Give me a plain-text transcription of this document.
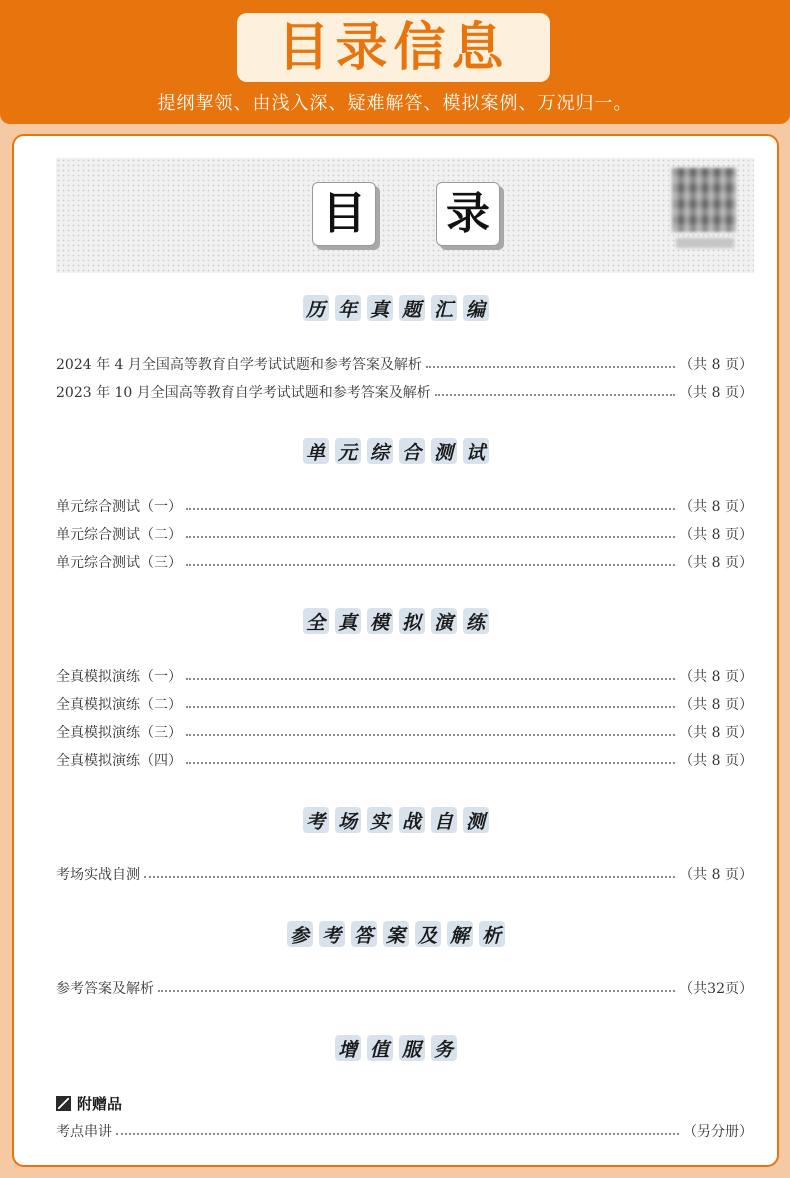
目录信息
提纲挈领、由浅入深、疑难解答、模拟案例、万况归一。
目 录
历 年 真 题 汇 编
2024 年 4 月全国高等教育自学考试试题和参考答案及解析	（共 8 页）
2023 年 10 月全国高等教育自学考试试题和参考答案及解析	（共 8 页）
单 元 综 合 测 试
单元综合测试（一）	（共 8 页）
单元综合测试（二）	（共 8 页）
单元综合测试（三）	（共 8 页）
全 真 模 拟 演 练
全真模拟演练（一）	（共 8 页）
全真模拟演练（二）	（共 8 页）
全真模拟演练（三）	（共 8 页）
全真模拟演练（四）	（共 8 页）
考 场 实 战 自 测
考场实战自测	（共 8 页）
参 考 答 案 及 解 析
参考答案及解析	（共32页）
增 值 服 务
附赠品
考点串讲	（另分册）
